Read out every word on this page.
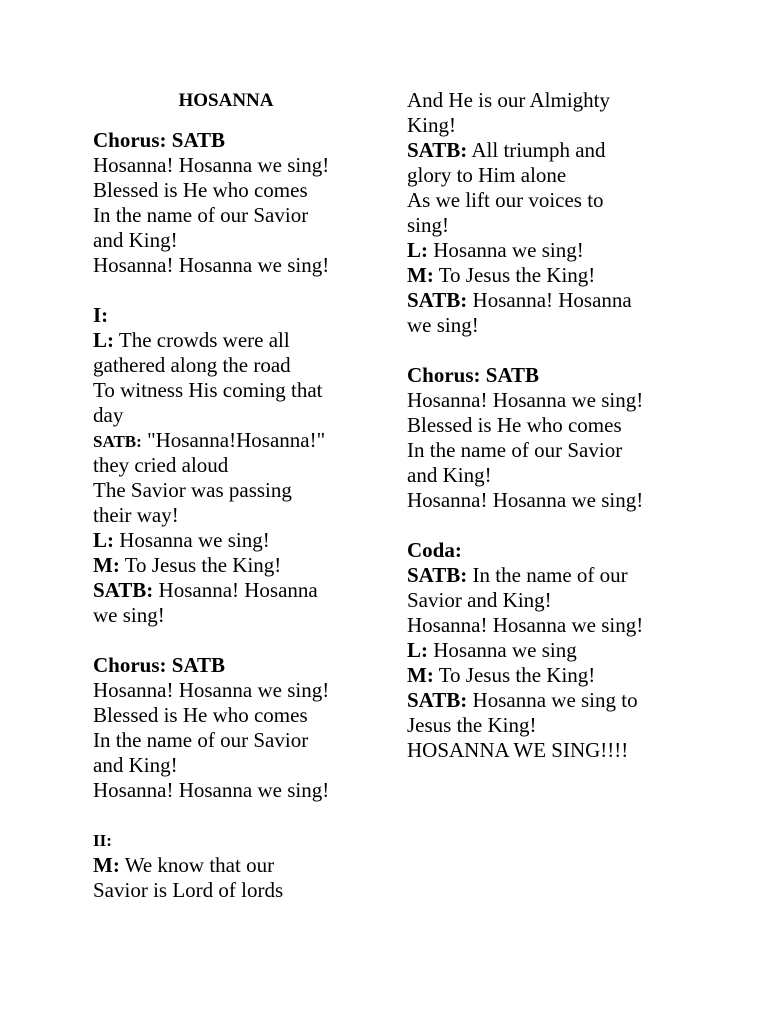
HOSANNA
Chorus: SATB
Hosanna! Hosanna we sing!
Blessed is He who comes
In the name of our Savior
and King!
Hosanna! Hosanna we sing!
I:
L: The crowds were all
gathered along the road
To witness His coming that
day
SATB: "Hosanna!Hosanna!"
they cried aloud
The Savior was passing
their way!
L: Hosanna we sing!
M: To Jesus the King!
SATB: Hosanna! Hosanna
we sing!
Chorus: SATB
Hosanna! Hosanna we sing!
Blessed is He who comes
In the name of our Savior
and King!
Hosanna! Hosanna we sing!
II:
M: We know that our
Savior is Lord of lords
And He is our Almighty
King!
SATB: All triumph and
glory to Him alone
As we lift our voices to
sing!
L: Hosanna we sing!
M: To Jesus the King!
SATB: Hosanna! Hosanna
we sing!
Chorus: SATB
Hosanna! Hosanna we sing!
Blessed is He who comes
In the name of our Savior
and King!
Hosanna! Hosanna we sing!
Coda:
SATB: In the name of our
Savior and King!
Hosanna! Hosanna we sing!
L: Hosanna we sing
M: To Jesus the King!
SATB: Hosanna we sing to
Jesus the King!
HOSANNA WE SING!!!!
